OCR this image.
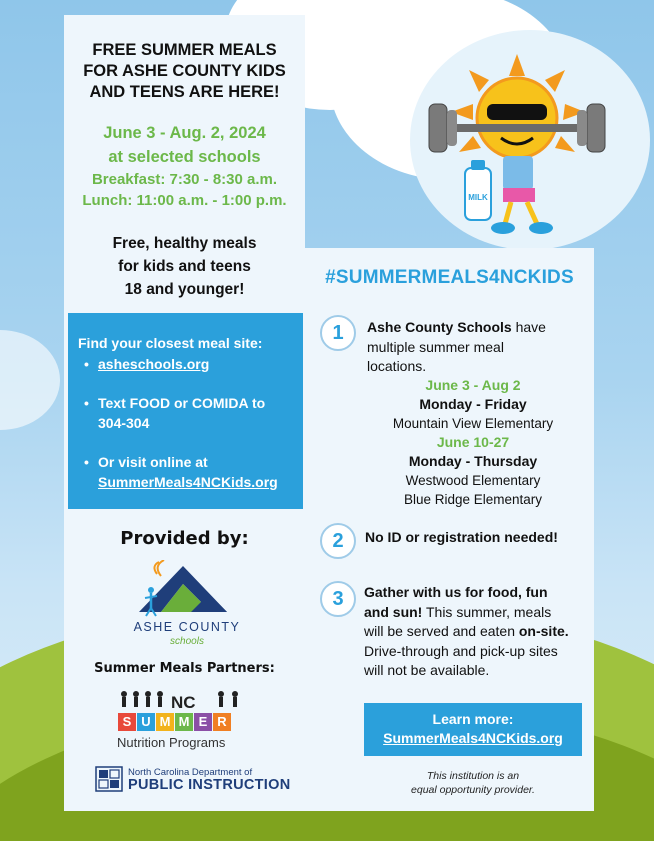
FREE SUMMER MEALS
FOR ASHE COUNTY KIDS
AND TEENS ARE HERE!
June 3 - Aug. 2, 2024
at selected schools
Breakfast: 7:30 - 8:30 a.m.
Lunch: 11:00 a.m. - 1:00 p.m.
Free, healthy meals
for kids and teens
18 and younger!
Find your closest meal site:
• asheschools.org
• Text FOOD or COMIDA to
304-304
• Or visit online at
SummerMeals4NCKids.org
Provided by:
ASHE COUNTY
schools
Summer Meals Partners:
NC
S U M M E R
Nutrition Programs
North Carolina Department of
PUBLIC INSTRUCTION
MILK
#SUMMERMEALS4NCKIDS
1	Ashe County Schools have
multiple summer meal
locations.
June 3 - Aug 2
Monday - Friday
Mountain View Elementary
June 10-27
Monday - Thursday
Westwood Elementary
Blue Ridge Elementary
2	No ID or registration needed!
3	Gather with us for food, fun
and sun! This summer, meals
will be served and eaten on-site.
Drive-through and pick-up sites
will not be available.
Learn more:
SummerMeals4NCKids.org
This institution is an
equal opportunity provider.
